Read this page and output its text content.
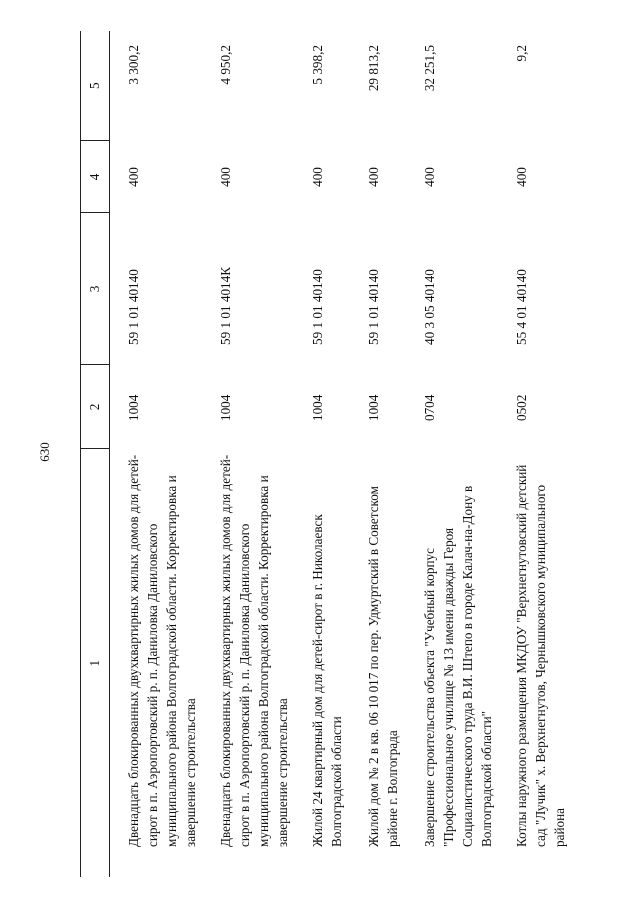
630
1	2	3	4	5
Двенадцать блокированных двухквартирных жилых домов для детей-сирот в п. Аэропортовский р. п. Даниловка Даниловского муниципального района Волгоградской области. Корректировка и завершение строительства	1004	59 1 01 40140	400	3 300,2
Двенадцать блокированных двухквартирных жилых домов для детей-сирот в п. Аэропортовский р. п. Даниловка Даниловского муниципального района Волгоградской области. Корректировка и завершение строительства	1004	59 1 01 4014К	400	4 950,2
Жилой 24 квартирный дом для детей-сирот в г. Николаевск Волгоградской области	1004	59 1 01 40140	400	5 398,2
Жилой дом № 2 в кв. 06 10 017 по пер. Удмуртский в Советском районе г. Волгограда	1004	59 1 01 40140	400	29 813,2
Завершение строительства объекта "Учебный корпус "Профессиональное училище № 13 имени дважды Героя Социалистического труда В.И. Штепо в городе Калач-на-Дону в Волгоградской области"	0704	40 3 05 40140	400	32 251,5
Котлы наружного размещения МКДОУ "Верхнегнутовский детский сад "Лучик" х. Верхнегнутов, Чернышковского муниципального района	0502	55 4 01 40140	400	9,2
